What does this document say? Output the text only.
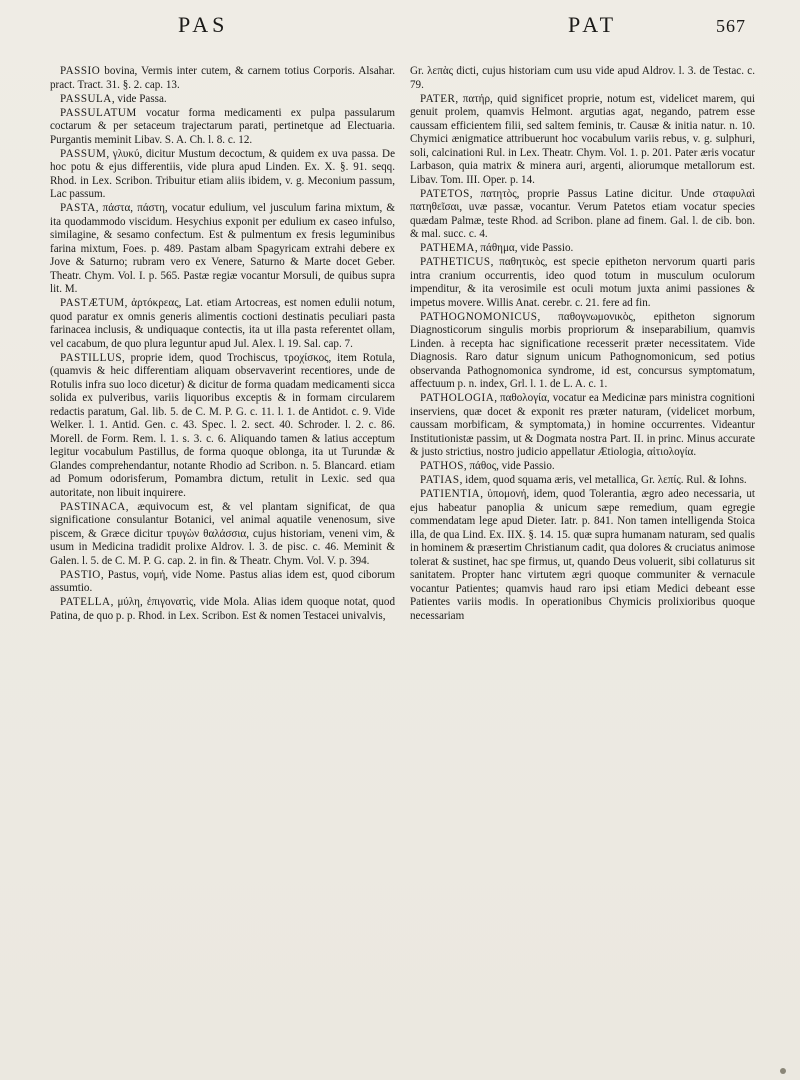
PAS	PAT	567

PASSIO bovina, Vermis inter cutem, & carnem totius Corporis. Alsahar. pract. Tract. 31. §. 2. cap. 13.

PASSULA, vide Passa.

PASSULATUM vocatur forma medicamenti ex pulpa passularum coctarum & per setaceum trajectarum parati, pertinetque ad Electuaria. Purgantis meminit Libav. S. A. Ch. l. 8. c. 12.

PASSUM, γλυκύ, dicitur Mustum decoctum, & quidem ex uva passa. De hoc potu & ejus differentiis, vide plura apud Linden. Ex. X. §. 91. seqq. Rhod. in Lex. Scribon. Tribuitur etiam aliis ibidem, v. g. Meconium passum, Lac passum.

PASTA, πάστα, πάστη, vocatur edulium, vel jusculum farina mixtum, & ita quodammodo viscidum. Hesychius exponit per edulium ex caseo infulso, similagine, & sesamo confectum. Est & pulmentum ex fresis leguminibus farina mixtum, Foes. p. 489. Pastam albam Spagyricam extrahi debere ex Jove & Saturno; rubram vero ex Venere, Saturno & Marte docet Geber. Theatr. Chym. Vol. I. p. 565. Pastæ regiæ vocantur Morsuli, de quibus supra lit. M.

PASTÆTUM, ἀρτόκρεας, Lat. etiam Artocreas, est nomen edulii notum, quod paratur ex omnis generis alimentis coctioni destinatis peculiari pasta farinacea inclusis, & undiquaque contectis, ita ut illa pasta referentet ollam, vel cacabum, de quo plura leguntur apud Jul. Alex. l. 19. Sal. cap. 7.

PASTILLUS, proprie idem, quod Trochiscus, τροχίσκος, item Rotula, (quamvis & heic differentiam aliquam observaverint recentiores, unde de Rotulis infra suo loco dicetur) & dicitur de forma quadam medicamenti sicca solida ex pulveribus, variis liquoribus exceptis & in formam circularem redactis paratum, Gal. lib. 5. de C. M. P. G. c. 11. l. 1. de Antidot. c. 9. Vide Welker. l. 1. Antid. Gen. c. 43. Spec. l. 2. sect. 40. Schroder. l. 2. c. 86. Morell. de Form. Rem. l. 1. s. 3. c. 6. Aliquando tamen & latius acceptum legitur vocabulum Pastillus, de forma quoque oblonga, ita ut Turundæ & Glandes comprehendantur, notante Rhodio ad Scribon. n. 5. Blancard. etiam ad Pomum odorisferum, Pomambra dictum, retulit in Lexic. sed qua autoritate, non libuit inquirere.

PASTINACA, æquivocum est, & vel plantam significat, de qua significatione consulantur Botanici, vel animal aquatile venenosum, sive piscem, & Græce dicitur τρυγὼν θαλάσσια, cujus historiam, veneni vim, & usum in Medicina tradidit prolixe Aldrov. l. 3. de pisc. c. 46. Meminit & Galen. l. 5. de C. M. P. G. cap. 2. in fin. & Theatr. Chym. Vol. V. p. 394.

PASTIO, Pastus, νομή, vide Nome. Pastus alias idem est, quod ciborum assumtio.

PATELLA, μύλη, ἐπιγονατὶς, vide Mola. Alias idem quoque notat, quod Patina, de quo p. p. Rhod. in Lex. Scribon. Est & nomen Testacei univalvis,

Gr. λεπὰς dicti, cujus historiam cum usu vide apud Aldrov. l. 3. de Testac. c. 79.

PATER, πατήρ, quid significet proprie, notum est, videlicet marem, qui genuit prolem, quamvis Helmont. argutias agat, negando, patrem esse caussam efficientem filii, sed saltem feminis, tr. Causæ & initia natur. n. 10. Chymici ænigmatice attribuerunt hoc vocabulum variis rebus, v. g. sulphuri, soli, calcinationi Rul. in Lex. Theatr. Chym. Vol. 1. p. 201. Pater æris vocatur Larbason, quia matrix & minera auri, argenti, aliorumque metallorum est. Libav. Tom. III. Oper. p. 14.

PATETOS, πατητὸς, proprie Passus Latine dicitur. Unde σταφυλαὶ πατηθεῖσαι, uvæ passæ, vocantur. Verum Patetos etiam vocatur species quædam Palmæ, teste Rhod. ad Scribon. plane ad finem. Gal. l. de cib. bon. & mal. succ. c. 4.

PATHEMA, πάθημα, vide Passio.

PATHETICUS, παθητικὸς, est specie epitheton nervorum quarti paris intra cranium occurrentis, ideo quod totum in musculum oculorum impenditur, & ita verosimile est oculi motum juxta animi passiones & impetus movere. Willis Anat. cerebr. c. 21. fere ad fin.

PATHOGNOMONICUS, παθογνωμονικὸς, epitheton signorum Diagnosticorum singulis morbis propriorum & inseparabilium, quamvis Linden. à recepta hac significatione recesserit præter necessitatem. Vide Diagnosis. Raro datur signum unicum Pathognomonicum, sed potius observanda Pathognomonica syndrome, id est, concursus symptomatum, affectuum p. n. index, Grl. l. 1. de L. A. c. 1.

PATHOLOGIA, παθολογία, vocatur ea Medicinæ pars ministra cognitioni inserviens, quæ docet & exponit res præter naturam, (videlicet morbum, caussam morbificam, & symptomata,) in homine occurrentes. Videantur Institutionistæ passim, ut & Dogmata nostra Part. II. in princ. Minus accurate & justo strictius, nostro judicio appellatur Ætiologia, αἰτιολογία.

PATHOS, πάθος, vide Passio.

PATIAS, idem, quod squama æris, vel metallica, Gr. λεπίς. Rul. & Iohns.

PATIENTIA, ὑπομονή, idem, quod Tolerantia, ægro adeo necessaria, ut ejus habeatur panoplia & unicum sæpe remedium, quam egregie commendatam lege apud Dieter. Iatr. p. 841. Non tamen intelligenda Stoica illa, de qua Lind. Ex. IIX. §. 14. 15. quæ supra humanam naturam, sed qualis in hominem & præsertim Christianum cadit, qua dolores & cruciatus animose tolerat & sustinet, hac spe firmus, ut, quando Deus voluerit, sibi collaturus sit sanitatem. Propter hanc virtutem ægri quoque communiter & vernacule vocantur Patientes; quamvis haud raro ipsi etiam Medici debeant esse Patientes variis modis. In operationibus Chymicis prolixioribus quoque necessariam
